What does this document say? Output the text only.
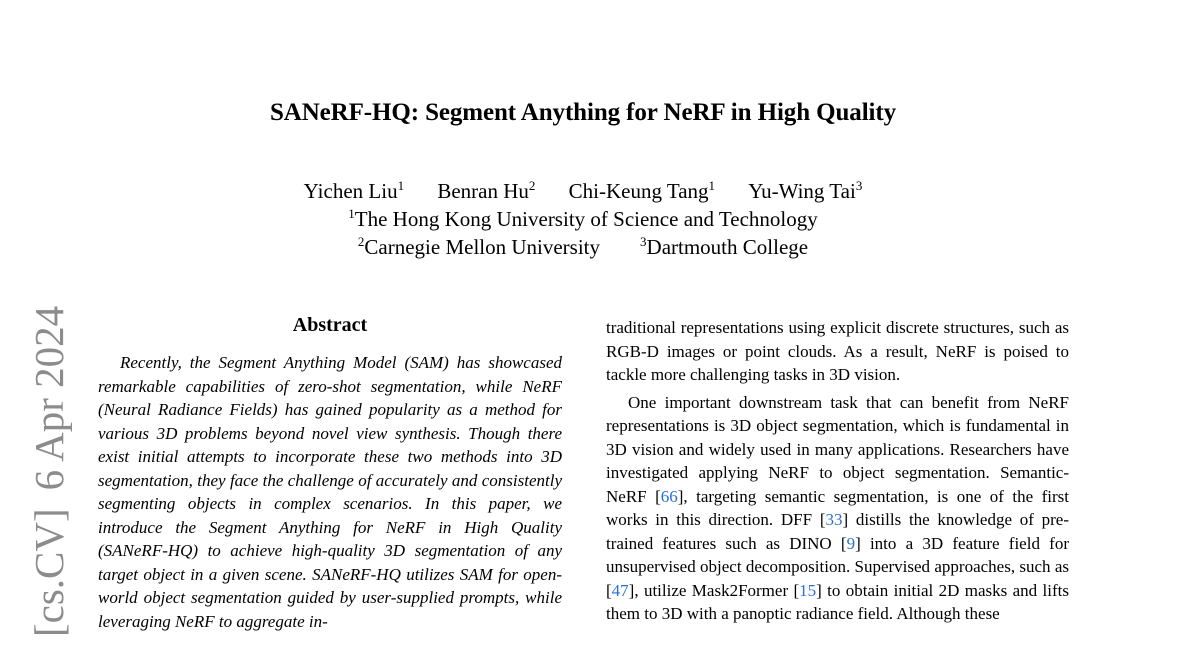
SANeRF-HQ: Segment Anything for NeRF in High Quality
Yichen Liu$^1$ Benran Hu$^2$ Chi-Keung Tang$^1$ Yu-Wing Tai$^3$
$^1$The Hong Kong University of Science and Technology
$^2$Carnegie Mellon University	$^3$Dartmouth College
[cs.CV]6 Apr 2024	Abstract

Recently, the Segment Anything Model (SAM) has showcased remarkable capabilities of zero-shot segmentation, while NeRF (Neural Radiance Fields) has gained popularity as a method for various 3D problems beyond novel view synthesis. Though there exist initial attempts to incorporate these two methods into 3D segmentation, they face the challenge of accurately and consistently segmenting objects in complex scenarios. In this paper, we introduce the Segment Anything for NeRF in High Quality (SANeRF-HQ) to achieve high-quality 3D segmentation of any target object in a given scene. SANeRF-HQ utilizes SAM for open-world object segmentation guided by user-supplied prompts, while leveraging NeRF to aggregate in-

traditional representations using explicit discrete structures, such as RGB-D images or point clouds. As a result, NeRF is poised to tackle more challenging tasks in 3D vision.

One important downstream task that can benefit from NeRF representations is 3D object segmentation, which is fundamental in 3D vision and widely used in many applications. Researchers have investigated applying NeRF to object segmentation. Semantic-NeRF [66], targeting semantic segmentation, is one of the first works in this direction. DFF [33] distills the knowledge of pre-trained features such as DINO [9] into a 3D feature field for unsupervised object decomposition. Supervised approaches, such as [47], utilize Mask2Former [15] to obtain initial 2D masks and lifts them to 3D with a panoptic radiance field. Although these
